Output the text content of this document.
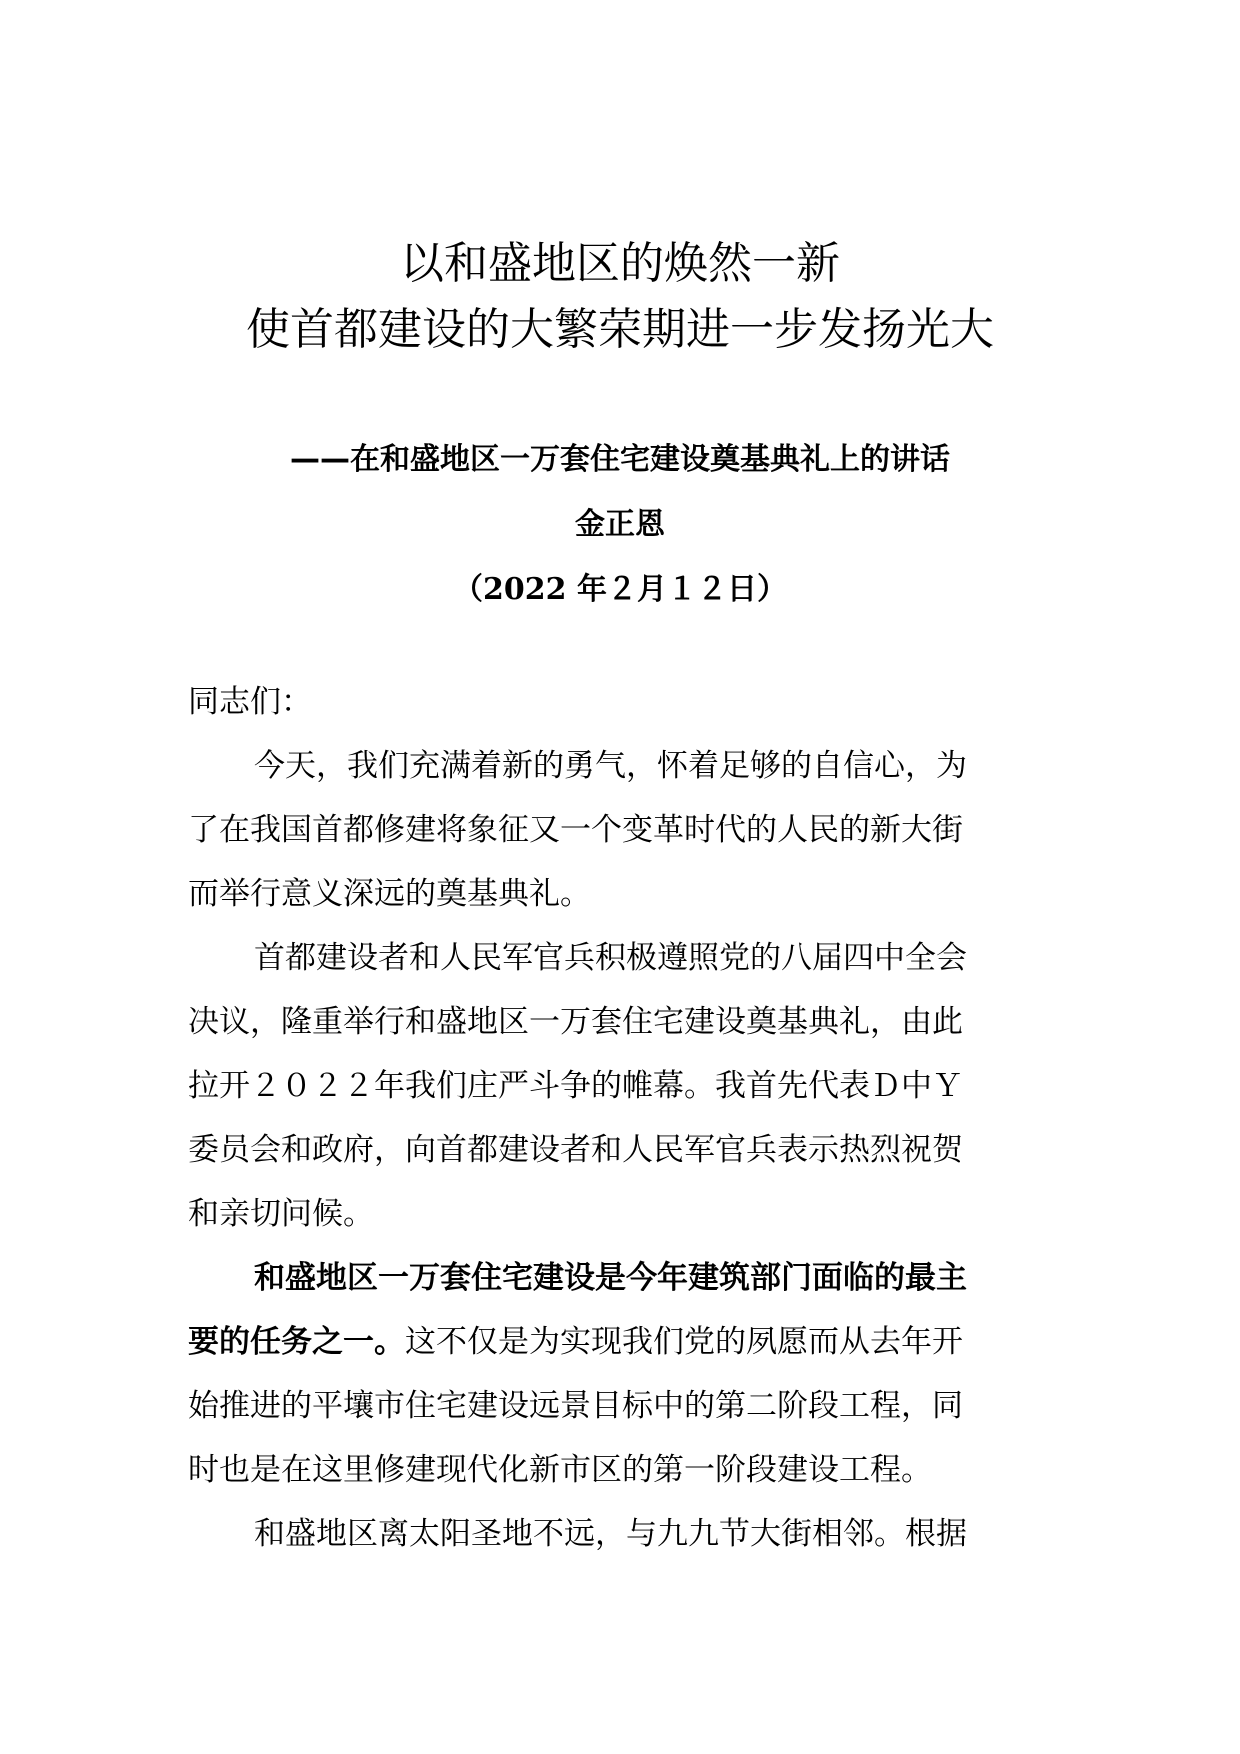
以和盛地区的焕然一新
使首都建设的大繁荣期进一步发扬光大
——在和盛地区一万套住宅建设奠基典礼上的讲话
金正恩
（2022 年２月１２日）
同志们：
今天，我们充满着新的勇气，怀着足够的自信心，为
了在我国首都修建将象征又一个变革时代的人民的新大街
而举行意义深远的奠基典礼。
首都建设者和人民军官兵积极遵照党的八届四中全会
决议，隆重举行和盛地区一万套住宅建设奠基典礼，由此
拉开２０２２年我们庄严斗争的帷幕。我首先代表Ｄ中Ｙ
委员会和政府，向首都建设者和人民军官兵表示热烈祝贺
和亲切问候。
和盛地区一万套住宅建设是今年建筑部门面临的最主
要的任务之一。这不仅是为实现我们党的夙愿而从去年开
始推进的平壤市住宅建设远景目标中的第二阶段工程，同
时也是在这里修建现代化新市区的第一阶段建设工程。
和盛地区离太阳圣地不远，与九九节大街相邻。根据
